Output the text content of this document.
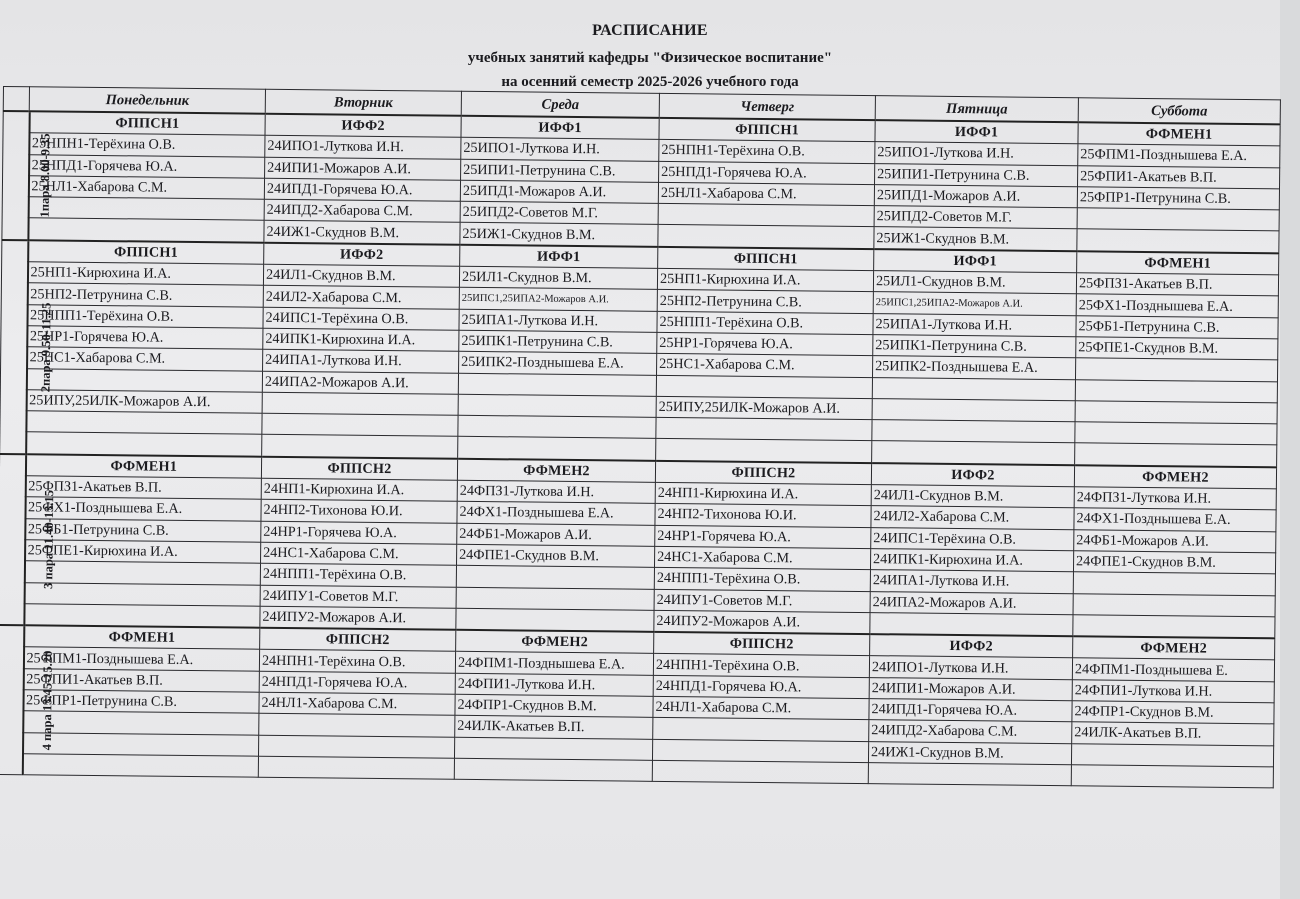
РАСПИСАНИЕ
учебных занятий кафедры "Физическое воспитание"
на осенний семестр 2025-2026 учебного года
	Понедельник	Вторник	Среда	Четверг	Пятница	Суббота
1пара 8.00-9.35	ФППСН1	ИФФ2	ИФФ1	ФППСН1	ИФФ1	ФФМЕН1
	25НПН1-Терёхина О.В.	24ИПО1-Луткова И.Н.	25ИПО1-Луткова И.Н.	25НПН1-Терёхина О.В.	25ИПО1-Луткова И.Н.	25ФПМ1-Позднышева Е.А.
	25НПД1-Горячева Ю.А.	24ИПИ1-Можаров А.И.	25ИПИ1-Петрунина С.В.	25НПД1-Горячева Ю.А.	25ИПИ1-Петрунина С.В.	25ФПИ1-Акатьев В.П.
	25НЛ1-Хабарова С.М.	24ИПД1-Горячева Ю.А.	25ИПД1-Можаров А.И.	25НЛ1-Хабарова С.М.	25ИПД1-Можаров А.И.	25ФПР1-Петрунина С.В.
		24ИПД2-Хабарова С.М.	25ИПД2-Советов М.Г.		25ИПД2-Советов М.Г.	
		24ИЖ1-Скуднов В.М.	25ИЖ1-Скуднов В.М.		25ИЖ1-Скуднов В.М.	
2пара 9.50-11.25	ФППСН1	ИФФ2	ИФФ1	ФППСН1	ИФФ1	ФФМЕН1
	25НП1-Кирюхина И.А.	24ИЛ1-Скуднов В.М.	25ИЛ1-Скуднов В.М.	25НП1-Кирюхина И.А.	25ИЛ1-Скуднов В.М.	25ФПЗ1-Акатьев В.П.
	25НП2-Петрунина С.В.	24ИЛ2-Хабарова С.М.	25ИПС1,25ИПА2-Можаров А.И.	25НП2-Петрунина С.В.	25ИПС1,25ИПА2-Можаров А.И.	25ФХ1-Позднышева Е.А.
	25НПП1-Терёхина О.В.	24ИПС1-Терёхина О.В.	25ИПА1-Луткова И.Н.	25НПП1-Терёхина О.В.	25ИПА1-Луткова И.Н.	25ФБ1-Петрунина С.В.
	25НР1-Горячева Ю.А.	24ИПК1-Кирюхина И.А.	25ИПК1-Петрунина С.В.	25НР1-Горячева Ю.А.	25ИПК1-Петрунина С.В.	25ФПЕ1-Скуднов В.М.
	25НС1-Хабарова С.М.	24ИПА1-Луткова И.Н.	25ИПК2-Позднышева Е.А.	25НС1-Хабарова С.М.	25ИПК2-Позднышева Е.А.	
		24ИПА2-Можаров А.И.				
	25ИПУ,25ИЛК-Можаров А.И.			25ИПУ,25ИЛК-Можаров А.И.		

3 пара 11.40-13.15	ФФМЕН1	ФППСН2	ФФМЕН2	ФППСН2	ИФФ2	ФФМЕН2
	25ФПЗ1-Акатьев В.П.	24НП1-Кирюхина И.А.	24ФПЗ1-Луткова И.Н.	24НП1-Кирюхина И.А.	24ИЛ1-Скуднов В.М.	24ФПЗ1-Луткова И.Н.
	25ФХ1-Позднышева Е.А.	24НП2-Тихонова Ю.И.	24ФХ1-Позднышева Е.А.	24НП2-Тихонова Ю.И.	24ИЛ2-Хабарова С.М.	24ФХ1-Позднышева Е.А.
	25ФБ1-Петрунина С.В.	24НР1-Горячева Ю.А.	24ФБ1-Можаров А.И.	24НР1-Горячева Ю.А.	24ИПС1-Терёхина О.В.	24ФБ1-Можаров А.И.
	25ФПЕ1-Кирюхина И.А.	24НС1-Хабарова С.М.	24ФПЕ1-Скуднов В.М.	24НС1-Хабарова С.М.	24ИПК1-Кирюхина И.А.	24ФПЕ1-Скуднов В.М.
		24НПП1-Терёхина О.В.		24НПП1-Терёхина О.В.	24ИПА1-Луткова И.Н.	
		24ИПУ1-Советов М.Г.		24ИПУ1-Советов М.Г.	24ИПА2-Можаров А.И.	
		24ИПУ2-Можаров А.И.		24ИПУ2-Можаров А.И.		
4 пара 13.45-15.20	ФФМЕН1	ФППСН2	ФФМЕН2	ФППСН2	ИФФ2	ФФМЕН2
	25ФПМ1-Позднышева Е.А.	24НПН1-Терёхина О.В.	24ФПМ1-Позднышева Е.А.	24НПН1-Терёхина О.В.	24ИПО1-Луткова И.Н.	24ФПМ1-Позднышева Е.
	25ФПИ1-Акатьев В.П.	24НПД1-Горячева Ю.А.	24ФПИ1-Луткова И.Н.	24НПД1-Горячева Ю.А.	24ИПИ1-Можаров А.И.	24ФПИ1-Луткова И.Н.
	25ФПР1-Петрунина С.В.	24НЛ1-Хабарова С.М.	24ФПР1-Скуднов В.М.	24НЛ1-Хабарова С.М.	24ИПД1-Горячева Ю.А.	24ФПР1-Скуднов В.М.
			24ИЛК-Акатьев В.П.		24ИПД2-Хабарова С.М.	24ИЛК-Акатьев В.П.
					24ИЖ1-Скуднов В.М.	
